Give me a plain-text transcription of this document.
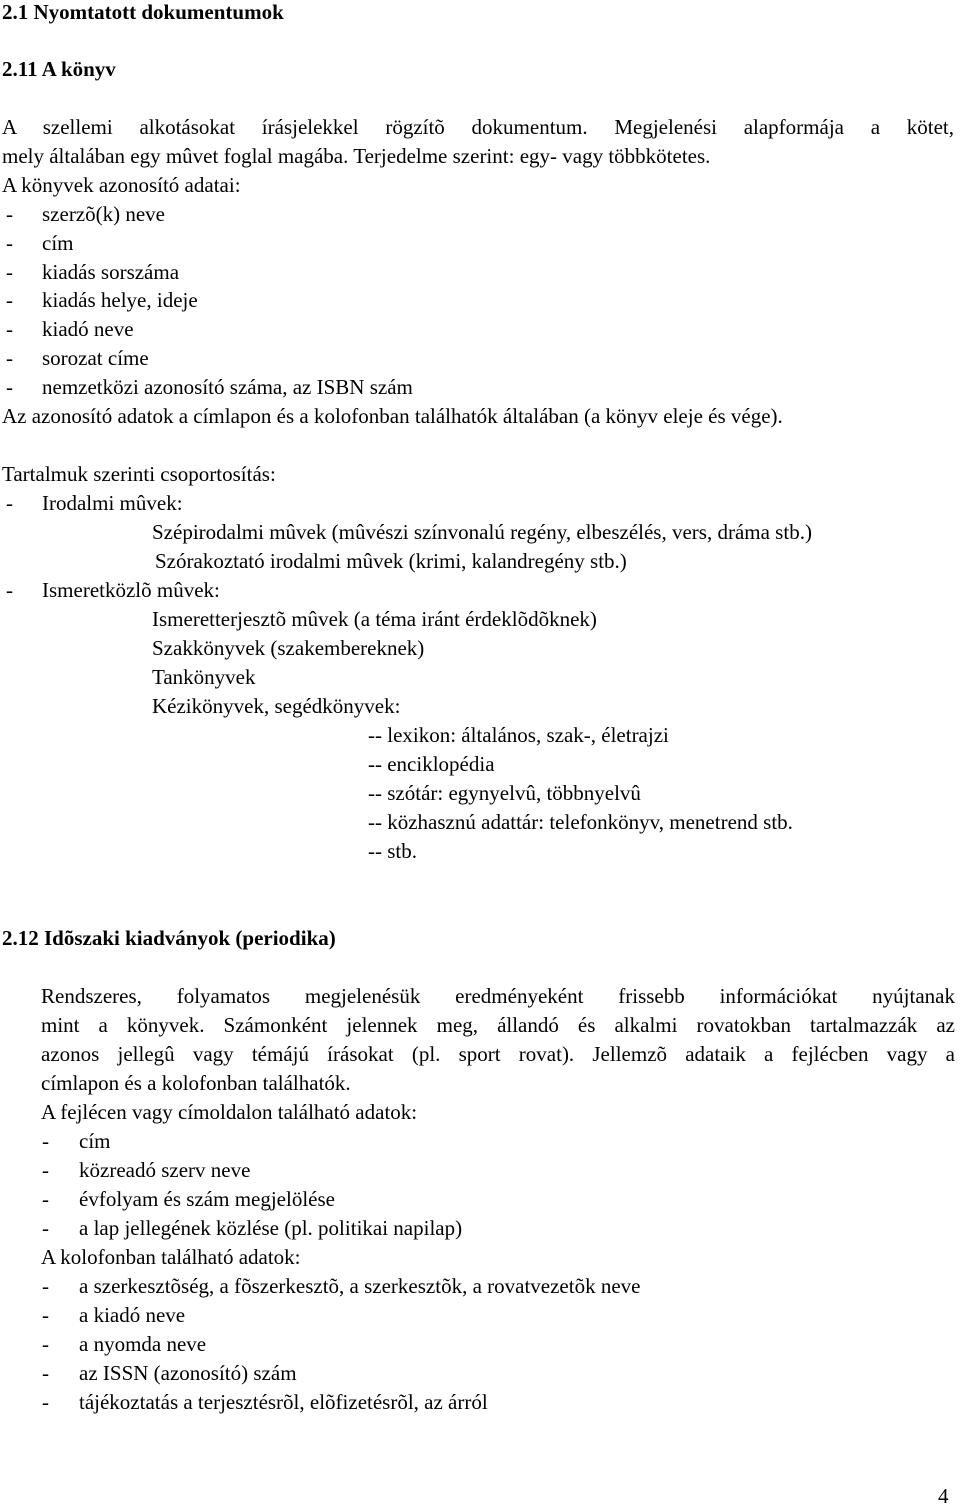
2.1 Nyomtatott dokumentumok
2.11 A könyv
A szellemi alkotásokat írásjelekkel rögzítõ dokumentum. Megjelenési alapformája a kötet,
mely általában egy mûvet foglal magába. Terjedelme szerint: egy- vagy többkötetes.
A könyvek azonosító adatai:
- szerzõ(k) neve
- cím
- kiadás sorszáma
- kiadás helye, ideje
- kiadó neve
- sorozat címe
- nemzetközi azonosító száma, az ISBN szám
Az azonosító adatok a címlapon és a kolofonban találhatók általában (a könyv eleje és vége).
Tartalmuk szerinti csoportosítás:
- Irodalmi mûvek:
Szépirodalmi mûvek (mûvészi színvonalú regény, elbeszélés, vers, dráma stb.)
Szórakoztató irodalmi mûvek (krimi, kalandregény stb.)
- Ismeretközlõ mûvek:
Ismeretterjesztõ mûvek (a téma iránt érdeklõdõknek)
Szakkönyvek (szakembereknek)
Tankönyvek
Kézikönyvek, segédkönyvek:
-- lexikon: általános, szak-, életrajzi
-- enciklopédia
-- szótár: egynyelvû, többnyelvû
-- közhasznú adattár: telefonkönyv, menetrend stb.
-- stb.
2.12 Idõszaki kiadványok (periodika)
Rendszeres, folyamatos megjelenésük eredményeként frissebb információkat nyújtanak
mint a könyvek. Számonként jelennek meg, állandó és alkalmi rovatokban tartalmazzák az
azonos jellegû vagy témájú írásokat (pl. sport rovat). Jellemzõ adataik a fejlécben vagy a
címlapon és a kolofonban találhatók.
A fejlécen vagy címoldalon található adatok:
- cím
- közreadó szerv neve
- évfolyam és szám megjelölése
- a lap jellegének közlése (pl. politikai napilap)
A kolofonban található adatok:
- a szerkesztõség, a fõszerkesztõ, a szerkesztõk, a rovatvezetõk neve
- a kiadó neve
- a nyomda neve
- az ISSN (azonosító) szám
- tájékoztatás a terjesztésrõl, elõfizetésrõl, az árról
4
